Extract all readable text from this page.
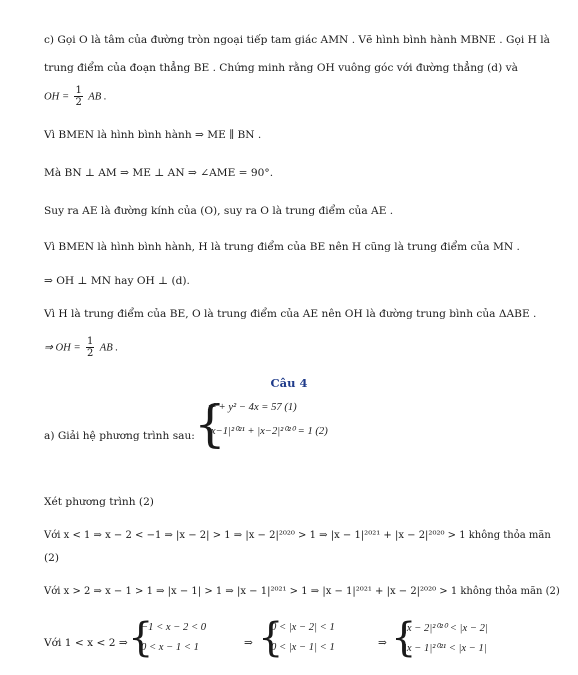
c) Gọi O là tâm của đường tròn ngoại tiếp tam giác AMN . Vẽ hình bình hành MBNE . Gọi H là
trung điểm của đoạn thẳng BE . Chứng minh rằng OH vuông góc với đường thẳng (d) và
OH = $\frac{1}{2}$ AB .
Vì BMEN là hình bình hành ⇒ ME ∥ BN .
Mà BN ⊥ AM ⇒ ME ⊥ AN ⇒ ∠AME = 90°.
Suy ra AE là đường kính của (O), suy ra O là trung điểm của AE .
Vì BMEN là hình bình hành, H là trung điểm của BE nên H cũng là trung điểm của MN .
⇒ OH ⊥ MN hay OH ⊥ (d).
Vì H là trung điểm của BE, O là trung điểm của AE nên OH là đường trung bình của ΔABE .
⇒ OH = $\frac{1}{2}$ AB .
Câu 4
a) Giải hệ phương trình sau: {
x² + y² − 4x = 57 (1)
|x−1|²⁰²¹ + |x−2|²⁰²⁰ = 1 (2)
Xét phương trình (2)
Với x < 1 ⇒ x − 2 < −1 ⇒ |x − 2| > 1 ⇒ |x − 2|²⁰²⁰ > 1 ⇒ |x − 1|²⁰²¹ + |x − 2|²⁰²⁰ > 1 không thỏa mãn
(2)
Với x > 2 ⇒ x − 1 > 1 ⇒ |x − 1| > 1 ⇒ |x − 1|²⁰²¹ > 1 ⇒ |x − 1|²⁰²¹ + |x − 2|²⁰²⁰ > 1 không thỏa mãn (2)
Với 1 < x < 2 ⇒ {
−1 < x − 2 < 0
0 < x − 1 < 1	⇒ {
0 < |x − 2| < 1
0 < |x − 1| < 1	⇒ {
|x − 2|²⁰²⁰ < |x − 2|
|x − 1|²⁰²¹ < |x − 1|
